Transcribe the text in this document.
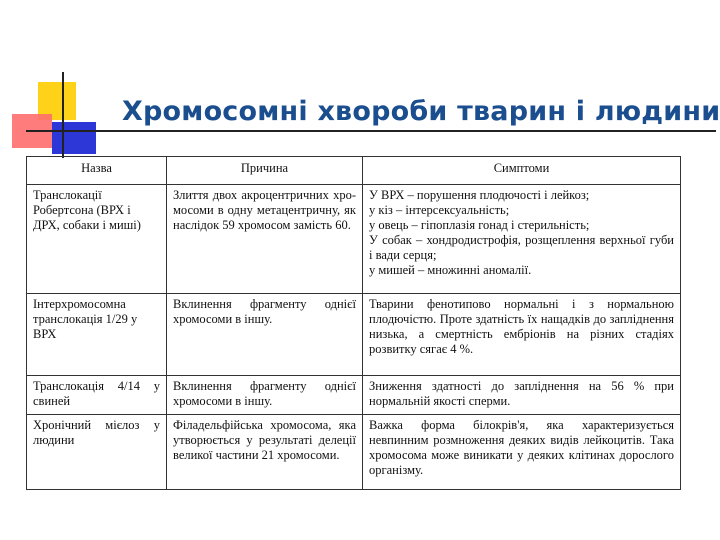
Хромосомні хвороби тварин і людини
Назва	Причина	Симптоми
Транслокації Робертсона (ВРХ і ДРХ, собаки і миші)	Злиття двох акроцентричних хро-мосоми в одну метацентричну, як наслідок 59 хромосом замість 60.	У ВРХ – порушення плодючості і лейкоз;
у кіз – інтерсексуальність;
у овець – гіпоплазія гонад і стерильність;
У собак – хондродистрофія, розщеплення верхньої губи і вади серця;
у мишей – множинні аномалії.

Інтерхромосомна транслокація 1/29 у ВРХ	Вклинення фрагменту однієї хромосоми в іншу.	Тварини фенотипово нормальні і з нормальною плодючістю. Проте здатність їх нащадків до запліднення низька, а смертність ембріонів на різних стадіях розвитку сягає 4 %.
Транслокація 4/14 у свиней	Вклинення фрагменту однієї хромосоми в іншу.	Зниження здатності до запліднення на 56 % при нормальній якості сперми.
Хронічний мієлоз у людини	Філадельфійська хромосома, яка утворюється у результаті делеції великої частини 21 хромосоми.	Важка форма білокрів'я, яка характеризується невпинним розмноження деяких видів лейкоцитів. Така хромосома може виникати у деяких клітинах дорослого організму.
